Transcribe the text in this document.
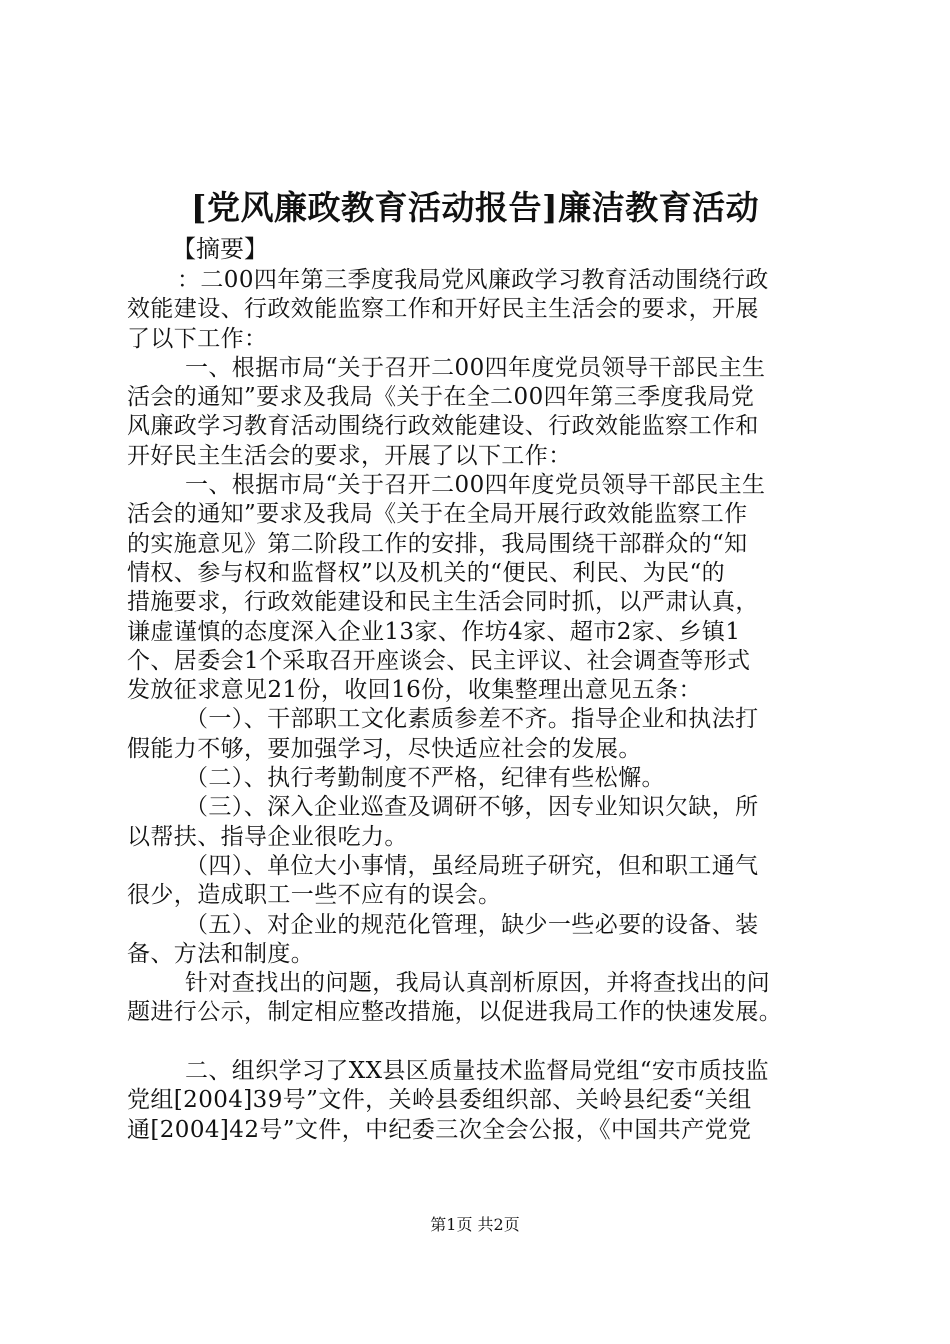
[党风廉政教育活动报告]廉洁教育活动
【摘要】
：二00四年第三季度我局党风廉政学习教育活动围绕行政
效能建设、行政效能监察工作和开好民主生活会的要求，开展
了以下工作：
一、根据市局“关于召开二00四年度党员领导干部民主生
活会的通知”要求及我局《关于在全二00四年第三季度我局党
风廉政学习教育活动围绕行政效能建设、行政效能监察工作和
开好民主生活会的要求，开展了以下工作：
一、根据市局“关于召开二00四年度党员领导干部民主生
活会的通知”要求及我局《关于在全局开展行政效能监察工作
的实施意见》第二阶段工作的安排，我局围绕干部群众的“知
情权、参与权和监督权”以及机关的“便民、利民、为民“的
措施要求，行政效能建设和民主生活会同时抓，以严肃认真，
谦虚谨慎的态度深入企业13家、作坊4家、超市2家、乡镇1
个、居委会1个采取召开座谈会、民主评议、社会调查等形式
发放征求意见21份，收回16份，收集整理出意见五条：
（一）、干部职工文化素质参差不齐。指导企业和执法打
假能力不够，要加强学习，尽快适应社会的发展。
（二）、执行考勤制度不严格，纪律有些松懈。
（三）、深入企业巡查及调研不够，因专业知识欠缺，所
以帮扶、指导企业很吃力。
（四）、单位大小事情，虽经局班子研究，但和职工通气
很少，造成职工一些不应有的误会。
（五）、对企业的规范化管理，缺少一些必要的设备、装
备、方法和制度。
针对查找出的问题，我局认真剖析原因，并将查找出的问
题进行公示，制定相应整改措施，以促进我局工作的快速发展。
二、组织学习了XX县区质量技术监督局党组“安市质技监
党组[2004]39号”文件，关岭县委组织部、关岭县纪委“关组
通[2004]42号”文件，中纪委三次全会公报，《中国共产党党
第1页 共2页
